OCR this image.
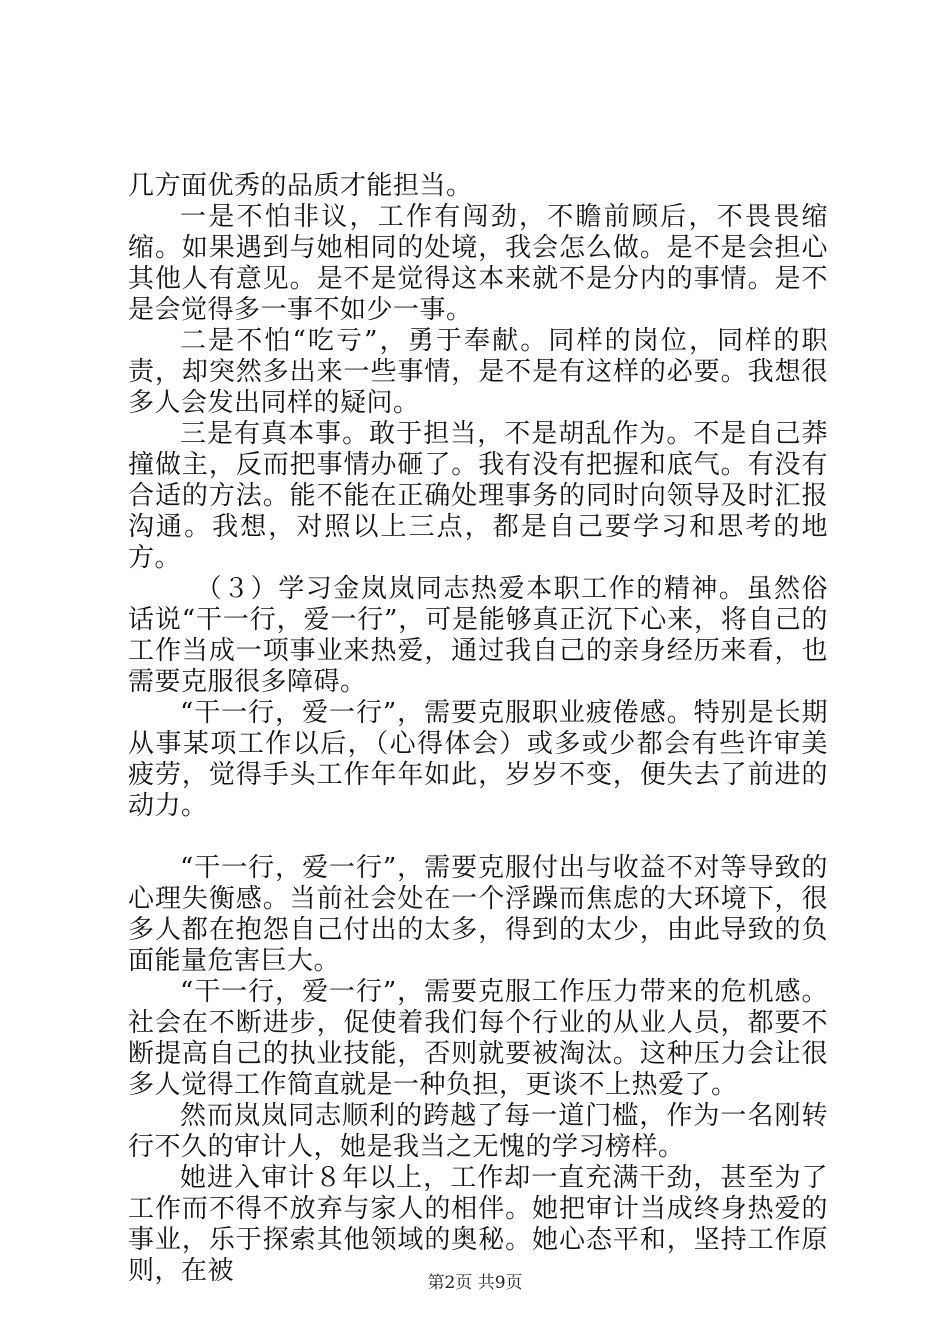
几方面优秀的品质才能担当。

一是不怕非议，工作有闯劲，不瞻前顾后，不畏畏缩缩。如果遇到与她相同的处境，我会怎么做。是不是会担心其他人有意见。是不是觉得这本来就不是分内的事情。是不是会觉得多一事不如少一事。

二是不怕“吃亏”，勇于奉献。同样的岗位，同样的职责，却突然多出来一些事情，是不是有这样的必要。我想很多人会发出同样的疑问。

三是有真本事。敢于担当，不是胡乱作为。不是自己莽撞做主，反而把事情办砸了。我有没有把握和底气。有没有合适的方法。能不能在正确处理事务的同时向领导及时汇报沟通。我想，对照以上三点，都是自己要学习和思考的地方。

（３）学习金岚岚同志热爱本职工作的精神。虽然俗话说“干一行，爱一行”，可是能够真正沉下心来，将自己的工作当成一项事业来热爱，通过我自己的亲身经历来看，也需要克服很多障碍。

“干一行，爱一行”，需要克服职业疲倦感。特别是长期从事某项工作以后，（心得体会）或多或少都会有些许审美疲劳，觉得手头工作年年如此，岁岁不变，便失去了前进的动力。

“干一行，爱一行”，需要克服付出与收益不对等导致的心理失衡感。当前社会处在一个浮躁而焦虑的大环境下，很多人都在抱怨自己付出的太多，得到的太少，由此导致的负面能量危害巨大。

“干一行，爱一行”，需要克服工作压力带来的危机感。社会在不断进步，促使着我们每个行业的从业人员，都要不断提高自己的执业技能，否则就要被淘汰。这种压力会让很多人觉得工作简直就是一种负担，更谈不上热爱了。

然而岚岚同志顺利的跨越了每一道门槛，作为一名刚转行不久的审计人，她是我当之无愧的学习榜样。

她进入审计８年以上，工作却一直充满干劲，甚至为了工作而不得不放弃与家人的相伴。她把审计当成终身热爱的事业，乐于探索其他领域的奥秘。她心态平和，坚持工作原则，在被	第2页 共9页
